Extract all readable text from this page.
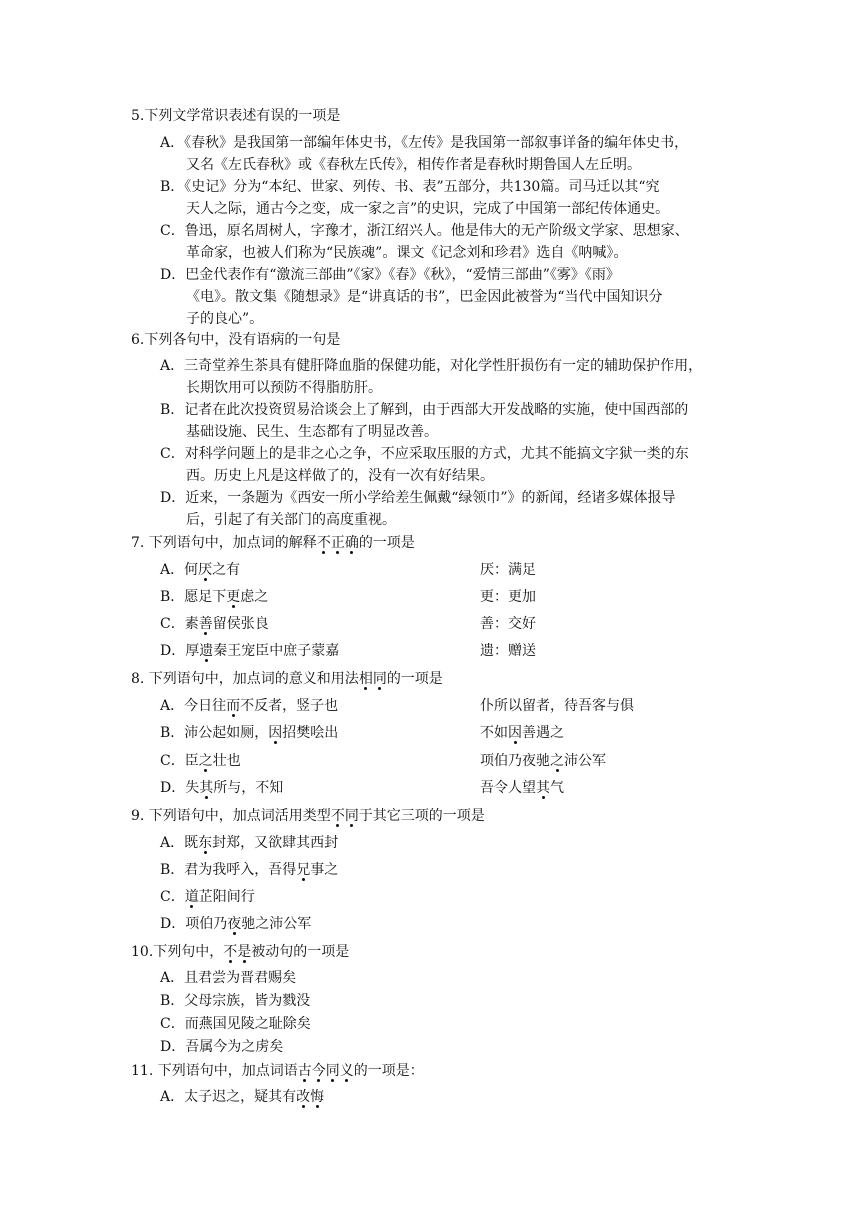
5.下列文学常识表述有误的一项是
A．《春秋》是我国第一部编年体史书，《左传》是我国第一部叙事详备的编年体史书，
又名《左氏春秋》或《春秋左氏传》，相传作者是春秋时期鲁国人左丘明。
B．《史记》分为“本纪、世家、列传、书、表”五部分，共130篇。司马迁以其“究
天人之际，通古今之变，成一家之言”的史识，完成了中国第一部纪传体通史。
C．鲁迅，原名周树人，字豫才，浙江绍兴人。他是伟大的无产阶级文学家、思想家、
革命家，也被人们称为“民族魂”。课文《记念刘和珍君》选自《呐喊》。
D．巴金代表作有“激流三部曲”《家》《春》《秋》，“爱情三部曲”《雾》《雨》
《电》。散文集《随想录》是“讲真话的书”，巴金因此被誉为“当代中国知识分
子的良心”。
6.下列各句中，没有语病的一句是
A．三奇堂养生茶具有健肝降血脂的保健功能，对化学性肝损伤有一定的辅助保护作用，
长期饮用可以预防不得脂肪肝。
B．记者在此次投资贸易洽谈会上了解到，由于西部大开发战略的实施，使中国西部的
基础设施、民生、生态都有了明显改善。
C．对科学问题上的是非之心之争，不应采取压服的方式，尤其不能搞文字狱一类的东
西。历史上凡是这样做了的，没有一次有好结果。
D．近来，一条题为《西安一所小学给差生佩戴“绿领巾”》的新闻，经诸多媒体报导
后，引起了有关部门的高度重视。
7. 下列语句中，加点词的解释不正确的一项是
A．何厌之有	厌：满足
B．愿足下更虑之	更：更加
C．素善留侯张良	善：交好
D．厚遗秦王宠臣中庶子蒙嘉	遗：赠送
8. 下列语句中，加点词的意义和用法相同的一项是
A．今日往而不反者，竖子也	仆所以留者，待吾客与俱
B．沛公起如厕，因招樊哙出	不如因善遇之
C．臣之壮也	项伯乃夜驰之沛公军
D．失其所与，不知	吾令人望其气
9. 下列语句中，加点词活用类型不同于其它三项的一项是
A．既东封郑，又欲肆其西封
B．君为我呼入，吾得兄事之
C．道芷阳间行
D．项伯乃夜驰之沛公军
10.下列句中，不是被动句的一项是
A．且君尝为晋君赐矣
B．父母宗族，皆为戮没
C．而燕国见陵之耻除矣
D．吾属今为之虏矣
11. 下列语句中，加点词语古今同义的一项是：
A．太子迟之，疑其有改悔
